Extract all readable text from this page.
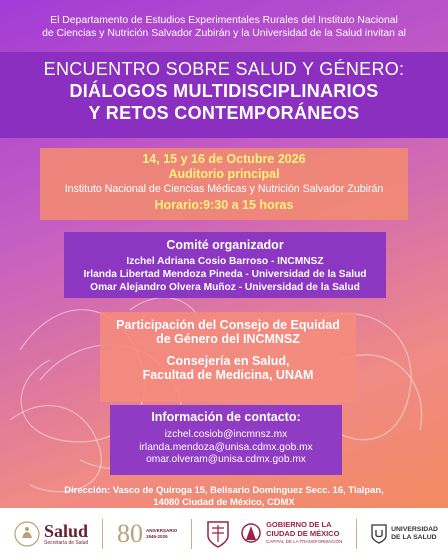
El Departamento de Estudios Experimentales Rurales del Instituto Nacional
de Ciencias y Nutrición Salvador Zubirán y la Universidad de la Salud invitan al
ENCUENTRO SOBRE SALUD Y GÉNERO:
DIÁLOGOS MULTIDISCIPLINARIOS
Y RETOS CONTEMPORÁNEOS
14, 15 y 16 de Octubre 2026
Auditorio principal
Instituto Nacional de Ciencias Médicas y Nutrición Salvador Zubirán
Horario:9:30 a 15 horas
Comité organizador
Izchel Adriana Cosio Barroso - INCMNSZ
Irlanda Libertad Mendoza Pineda - Universidad de la Salud
Omar Alejandro Olvera Muñoz - Universidad de la Salud
Participación del Consejo de Equidad
de Género del INCMNSZ
Consejería en Salud,
Facultad de Medicina, UNAM
Información de contacto:
izchel.cosiob@incmnsz.mx
irlanda.mendoza@unisa.cdmx.gob.mx
omar.olveram@unisa.cdmx.gob.mx
Dirección: Vasco de Quiroga 15, Belisario Dominguez Secc. 16, Tlalpan,
14080 Ciudad de México, CDMX
Salud
Secretaría de Salud 80 ANIVERSARIO
1946-2026
GOBIERNO DE LA
CIUDAD DE MÉXICO
CAPITAL DE LA TRANSFORMACIÓN
UNIVERSIDAD
DE LA SALUD
